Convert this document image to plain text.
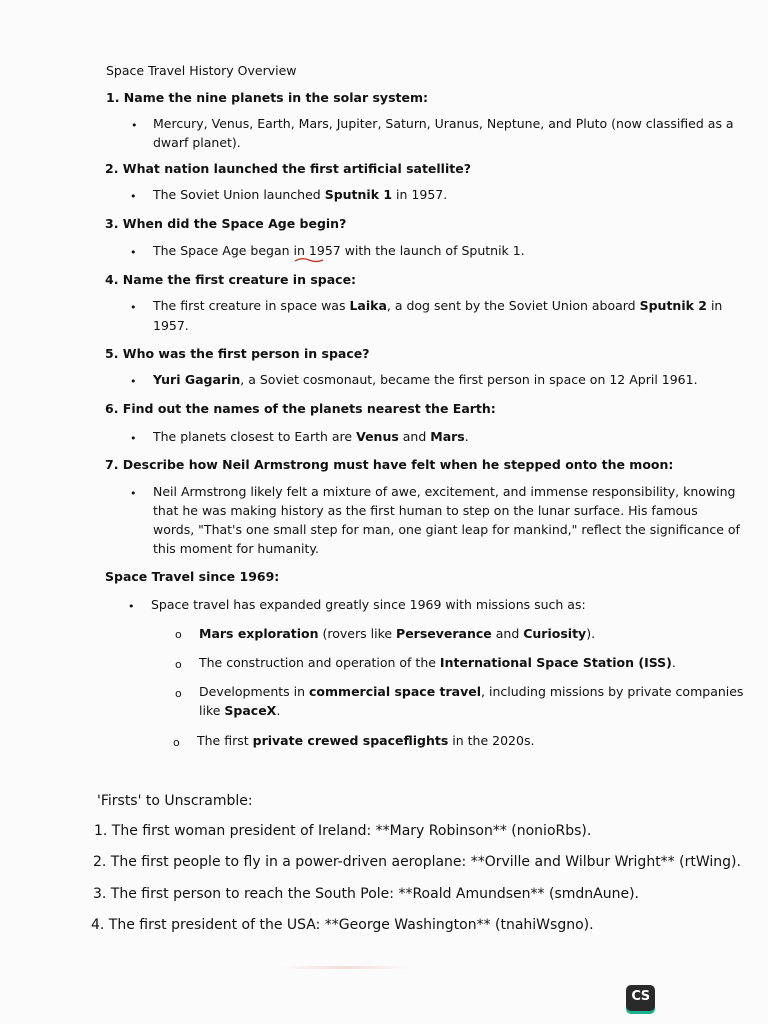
Space Travel History Overview
1. Name the nine planets in the solar system:
• Mercury, Venus, Earth, Mars, Jupiter, Saturn, Uranus, Neptune, and Pluto (now classified as a
dwarf planet).
2. What nation launched the first artificial satellite?
• The Soviet Union launched Sputnik 1 in 1957.
3. When did the Space Age begin?
• The Space Age began in 1957 with the launch of Sputnik 1.
4. Name the first creature in space:
• The first creature in space was Laika, a dog sent by the Soviet Union aboard Sputnik 2 in
1957.
5. Who was the first person in space?
• Yuri Gagarin, a Soviet cosmonaut, became the first person in space on 12 April 1961.
6. Find out the names of the planets nearest the Earth:
• The planets closest to Earth are Venus and Mars.
7. Describe how Neil Armstrong must have felt when he stepped onto the moon:
• Neil Armstrong likely felt a mixture of awe, excitement, and immense responsibility, knowing
that he was making history as the first human to step on the lunar surface. His famous
words, "That's one small step for man, one giant leap for mankind," reflect the significance of
this moment for humanity.
Space Travel since 1969:
• Space travel has expanded greatly since 1969 with missions such as:
o Mars exploration (rovers like Perseverance and Curiosity).
o The construction and operation of the International Space Station (ISS).
o Developments in commercial space travel, including missions by private companies
like SpaceX.
o The first private crewed spaceflights in the 2020s.
'Firsts' to Unscramble:
1. The first woman president of Ireland: **Mary Robinson** (nonioRbs).
2. The first people to fly in a power-driven aeroplane: **Orville and Wilbur Wright** (rtWing).
3. The first person to reach the South Pole: **Roald Amundsen** (smdnAune).
4. The first president of the USA: **George Washington** (tnahiWsgno).
CS
